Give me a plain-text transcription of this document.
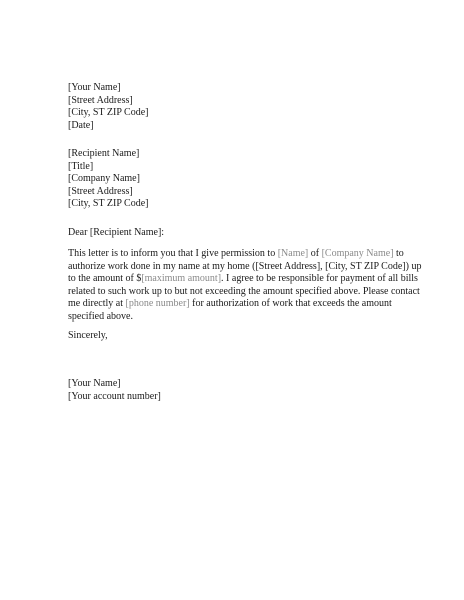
[Your Name]
[Street Address]
[City, ST ZIP Code]
[Date]
[Recipient Name]
[Title]
[Company Name]
[Street Address]
[City, ST ZIP Code]
Dear [Recipient Name]:
This letter is to inform you that I give permission to [Name] of [Company Name] to
authorize work done in my name at my home ([Street Address], [City, ST ZIP Code]) up
to the amount of $[maximum amount]. I agree to be responsible for payment of all bills
related to such work up to but not exceeding the amount specified above. Please contact
me directly at [phone number] for authorization of work that exceeds the amount
specified above.
Sincerely,
[Your Name]
[Your account number]
